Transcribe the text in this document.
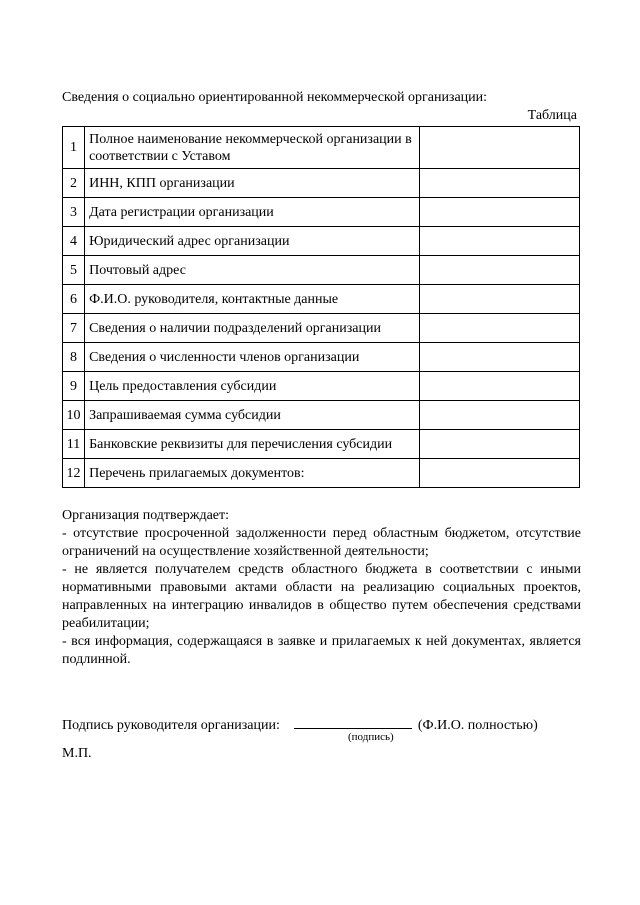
Сведения о социально ориентированной некоммерческой организации:
Таблица
1	Полное наименование некоммерческой организации в соответствии с Уставом	
2	ИНН, КПП организации	
3	Дата регистрации организации	
4	Юридический адрес организации	
5	Почтовый адрес	
6	Ф.И.О. руководителя, контактные данные	
7	Сведения о наличии подразделений организации	
8	Сведения о численности членов организации	
9	Цель предоставления субсидии	
10	Запрашиваемая сумма субсидии	
11	Банковские реквизиты для перечисления субсидии	
12	Перечень прилагаемых документов:	

Организация подтверждает:

- отсутствие просроченной задолженности перед областным бюджетом, отсутствие ограничений на осуществление хозяйственной деятельности;

- не является получателем средств областного бюджета в соответствии с иными нормативными правовыми актами области на реализацию социальных проектов, направленных на интеграцию инвалидов в общество путем обеспечения средствами реабилитации;

- вся информация, содержащаяся в заявке и прилагаемых к ней документах, является подлинной.

Подпись руководителя организации:	(Ф.И.О. полностью)
(подпись)
М.П.
